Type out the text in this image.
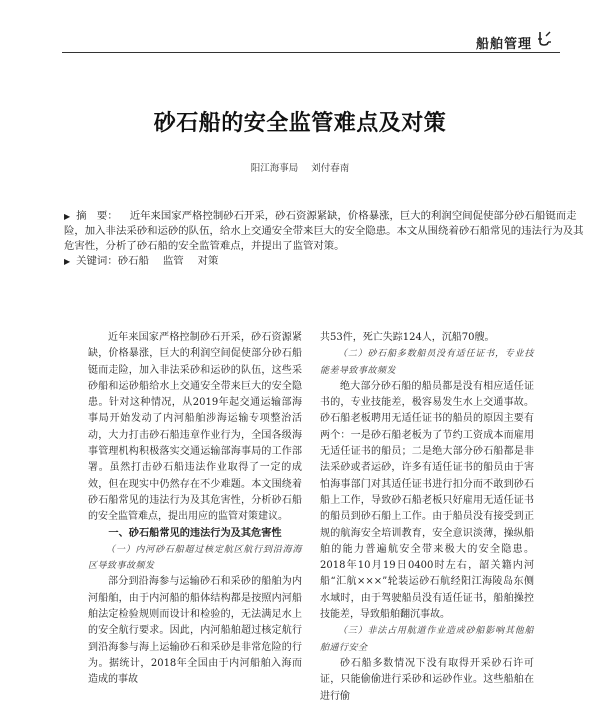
船舶管理
砂石船的安全监管难点及对策
阳江海事局 刘付春南
▶ 摘　要： 近年来国家严格控制砂石开采，砂石资源紧缺，价格暴涨，巨大的利润空间促使部分砂石船铤而走险，加入非法采砂和运砂的队伍，给水上交通安全带来巨大的安全隐患。本文从围绕着砂石船常见的违法行为及其危害性，分析了砂石船的安全监管难点，并提出了监管对策。
▶ 关键词：砂石船 监管 对策

近年来国家严格控制砂石开采，砂石资源紧缺，价格暴涨，巨大的利润空间促使部分砂石船铤而走险，加入非法采砂和运砂的队伍，这些采砂船和运砂船给水上交通安全带来巨大的安全隐患。针对这种情况，从2019年起交通运输部海事局开始发动了内河船舶涉海运输专项整治活动，大力打击砂石船违章作业行为，全国各级海事管理机构积极落实交通运输部海事局的工作部署。虽然打击砂石船违法作业取得了一定的成效，但在现实中仍然存在不少难题。本文围绕着砂石船常见的违法行为及其危害性，分析砂石船的安全监管难点，提出用应的监管对策建议。

一、砂石船常见的违法行为及其危害性

（一）内河砂石船超过核定航区航行到沿海海区导致事故频发

部分到沿海参与运输砂石和采砂的船舶为内河船舶，由于内河船的船体结构都是按照内河船舶法定检验规则而设计和检验的，无法满足水上的安全航行要求。因此，内河船舶超过核定航行到沿海参与海上运输砂石和采砂是非常危险的行为。据统计，2018年全国由于内河船舶入海而造成的事故

共53件，死亡失踪124人，沉船70艘。

（二）砂石船多数船员没有适任证书，专业技能差导致事故频发

绝大部分砂石船的船员都是没有相应适任证书的，专业技能差，极容易发生水上交通事故。砂石船老板聘用无适任证书的船员的原因主要有两个：一是砂石船老板为了节约工资成本而雇用无适任证书的船员；二是绝大部分砂石船都是非法采砂或者运砂，许多有适任证书的船员由于害怕海事部门对其适任证书进行扣分而不敢到砂石船上工作，导致砂石船老板只好雇用无适任证书的船员到砂石船上工作。由于船员没有接受到正规的航海安全培训教育，安全意识淡薄，操纵船舶的能力普遍航安全带来极大的安全隐患。2018年10月19日0400时左右，韶关籍内河船“汇航×××”轮装运砂石航经阳江海陵岛东侧水域时，由于驾驶船员没有适任证书，船舶操控技能差，导致船舶翻沉事故。

（三）非法占用航道作业造成砂船影响其他船舶通行安全

砂石船多数情况下没有取得开采砂石许可证，只能偷偷进行采砂和运砂作业。这些船舶在进行偷
